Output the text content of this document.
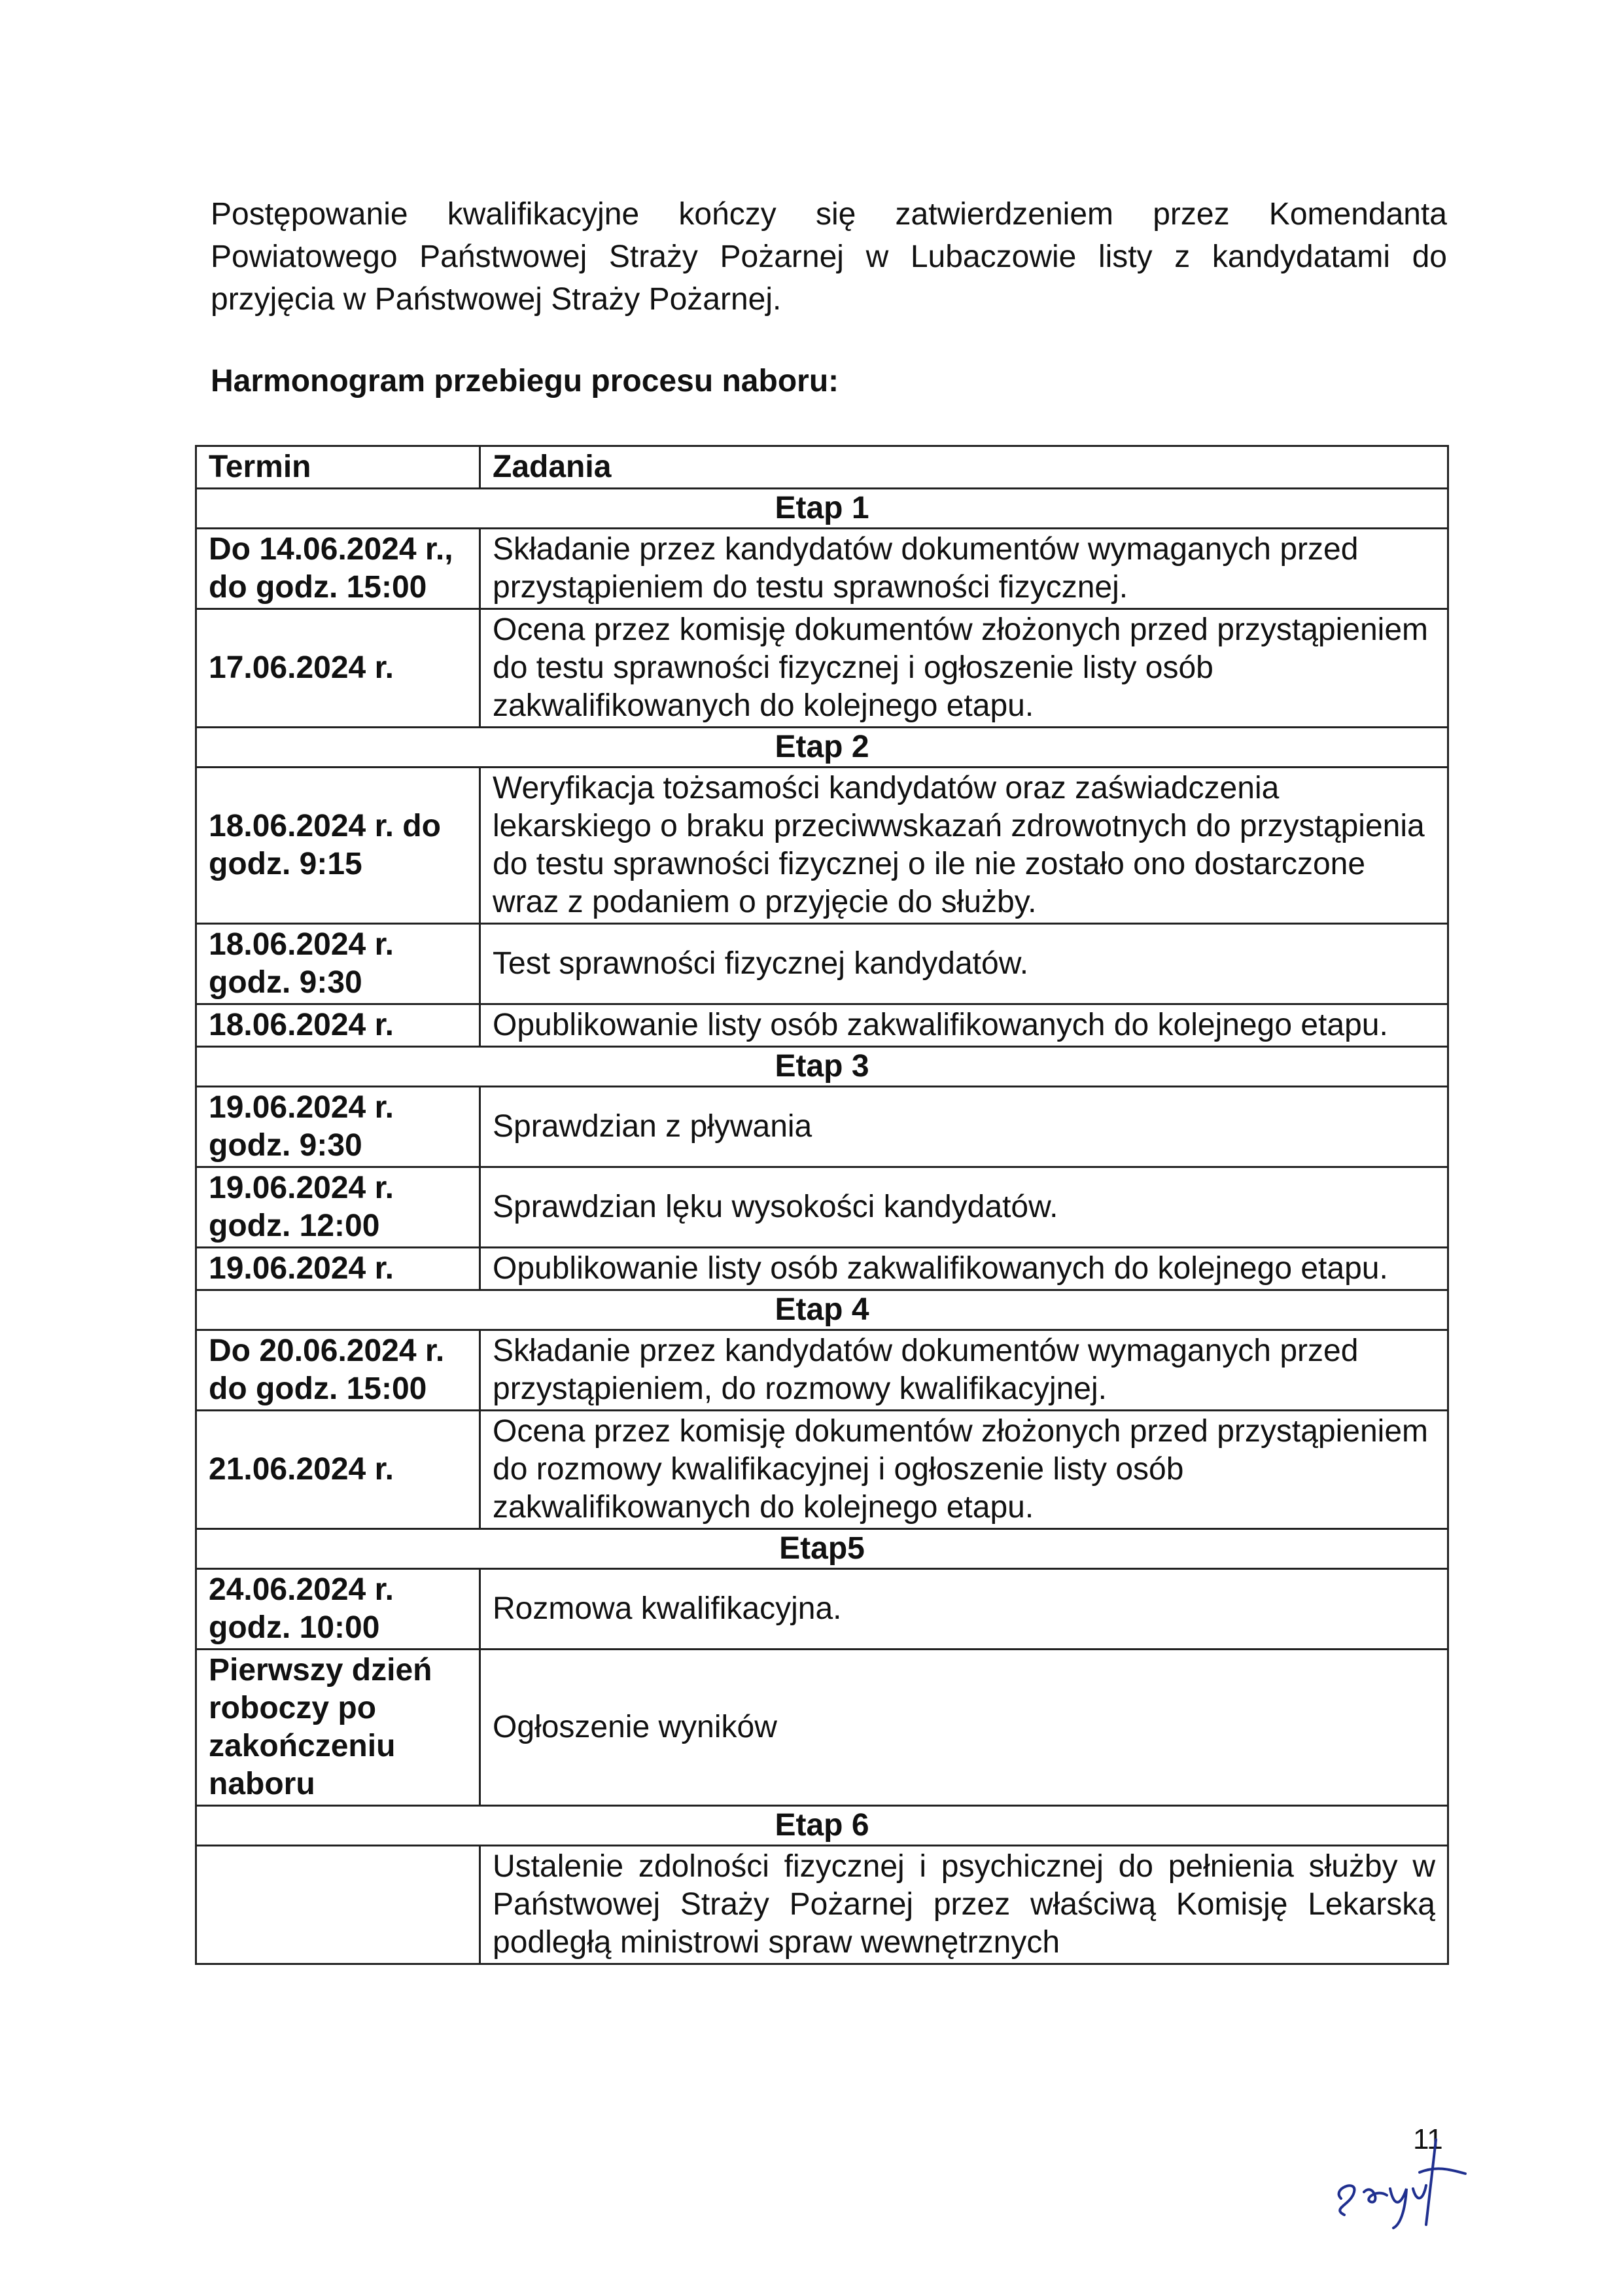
Postępowanie kwalifikacyjne kończy się zatwierdzeniem przez Komendanta Powiatowego Państwowej Straży Pożarnej w Lubaczowie listy z kandydatami do przyjęcia w Państwowej Straży Pożarnej.

Harmonogram przebiegu procesu naboru:
Termin	Zadania
Etap 1	
Do 14.06.2024 r., do godz. 15:00	Składanie przez kandydatów dokumentów wymaganych przed przystąpieniem do testu sprawności fizycznej.
17.06.2024 r.	Ocena przez komisję dokumentów złożonych przed przystąpieniem do testu sprawności fizycznej i ogłoszenie listy osób zakwalifikowanych do kolejnego etapu.
Etap 2	
18.06.2024 r. do godz. 9:15	Weryfikacja tożsamości kandydatów oraz zaświadczenia lekarskiego o braku przeciwwskazań zdrowotnych do przystąpienia do testu sprawności fizycznej o ile nie zostało ono dostarczone wraz z podaniem o przyjęcie do służby.
18.06.2024 r. godz. 9:30	Test sprawności fizycznej kandydatów.
18.06.2024 r.	Opublikowanie listy osób zakwalifikowanych do kolejnego etapu.
Etap 3	
19.06.2024 r. godz. 9:30	Sprawdzian z pływania
19.06.2024 r. godz. 12:00	Sprawdzian lęku wysokości kandydatów.
19.06.2024 r.	Opublikowanie listy osób zakwalifikowanych do kolejnego etapu.
Etap 4	
Do 20.06.2024 r. do godz. 15:00	Składanie przez kandydatów dokumentów wymaganych przed przystąpieniem, do rozmowy kwalifikacyjnej.
21.06.2024 r.	Ocena przez komisję dokumentów złożonych przed przystąpieniem do rozmowy kwalifikacyjnej i ogłoszenie listy osób zakwalifikowanych do kolejnego etapu.
Etap5	
24.06.2024 r. godz. 10:00	Rozmowa kwalifikacyjna.
Pierwszy dzień roboczy po zakończeniu naboru	Ogłoszenie wyników
Etap 6	
	Ustalenie zdolności fizycznej i psychicznej do pełnienia służby w Państwowej Straży Pożarnej przez właściwą Komisję Lekarską podległą ministrowi spraw wewnętrznych
11
